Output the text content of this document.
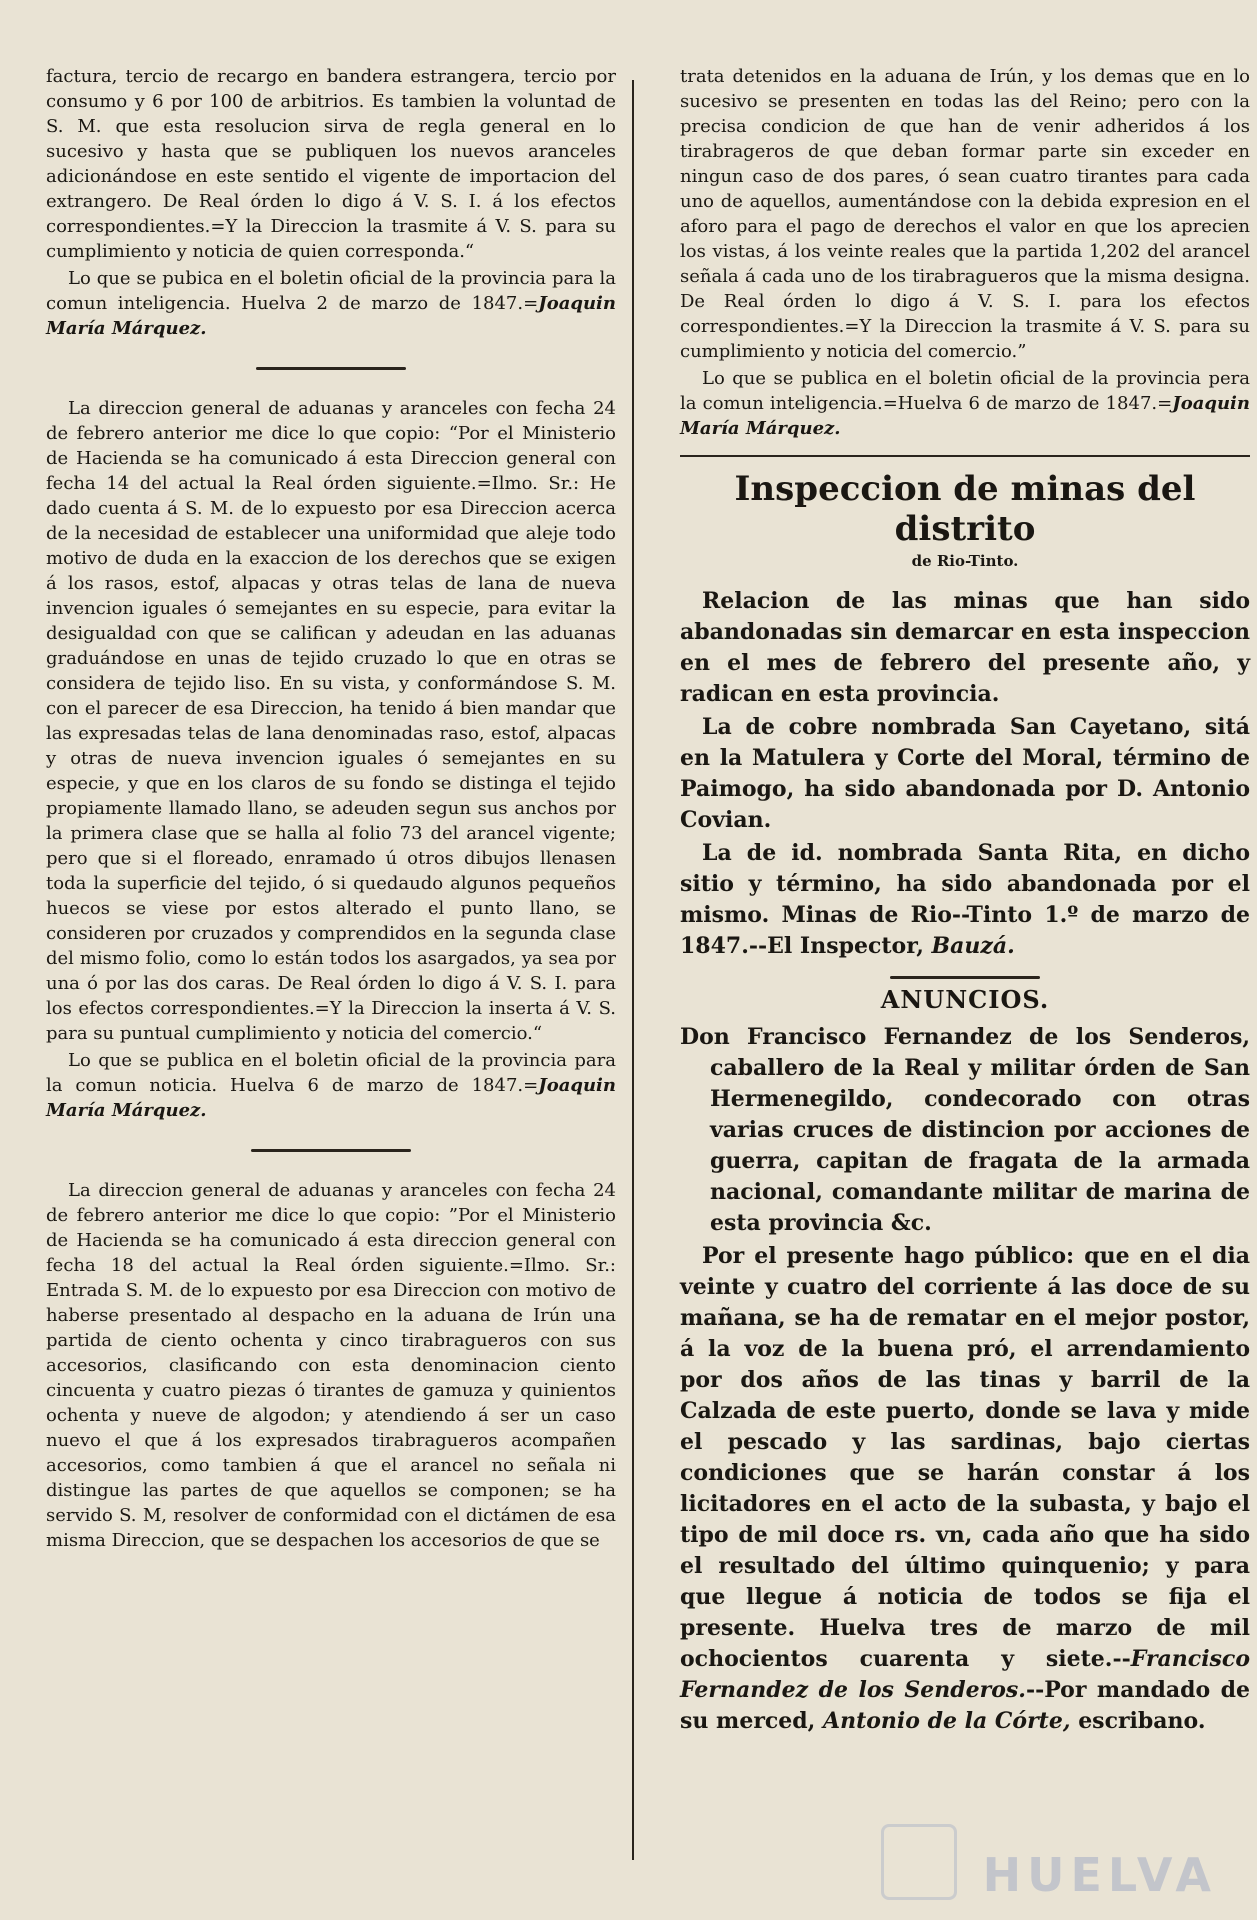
factura, tercio de recargo en bandera estrangera, tercio por consumo y 6 por 100 de arbitrios. Es tambien la voluntad de S. M. que esta resolucion sirva de regla general en lo sucesivo y hasta que se publiquen los nuevos aranceles adicionándose en este sentido el vigente de importacion del extrangero. De Real órden lo digo á V. S. I. á los efectos correspondientes.=Y la Direccion la trasmite á V. S. para su cumplimiento y noticia de quien corresponda.“

Lo que se pubica en el boletin oficial de la provincia para la comun inteligencia. Huelva 2 de marzo de 1847.=Joaquin María Márquez.

La direccion general de aduanas y aranceles con fecha 24 de febrero anterior me dice lo que copio: “Por el Ministerio de Hacienda se ha comunicado á esta Direccion general con fecha 14 del actual la Real órden siguiente.=Ilmo. Sr.: He dado cuenta á S. M. de lo expuesto por esa Direccion acerca de la necesidad de establecer una uniformidad que aleje todo motivo de duda en la exaccion de los derechos que se exigen á los rasos, estof, alpacas y otras telas de lana de nueva invencion iguales ó semejantes en su especie, para evitar la desigualdad con que se califican y adeudan en las aduanas graduándose en unas de tejido cruzado lo que en otras se considera de tejido liso. En su vista, y conformándose S. M. con el parecer de esa Direccion, ha tenido á bien mandar que las expresadas telas de lana denominadas raso, estof, alpacas y otras de nueva invencion iguales ó semejantes en su especie, y que en los claros de su fondo se distinga el tejido propiamente llamado llano, se adeuden segun sus anchos por la primera clase que se halla al folio 73 del arancel vigente; pero que si el floreado, enramado ú otros dibujos llenasen toda la superficie del tejido, ó si quedaudo algunos pequeños huecos se viese por estos alterado el punto llano, se consideren por cruzados y comprendidos en la segunda clase del mismo folio, como lo están todos los asargados, ya sea por una ó por las dos caras. De Real órden lo digo á V. S. I. para los efectos correspondientes.=Y la Direccion la inserta á V. S. para su puntual cumplimiento y noticia del comercio.“

Lo que se publica en el boletin oficial de la provincia para la comun noticia. Huelva 6 de marzo de 1847.=Joaquin María Márquez.

La direccion general de aduanas y aranceles con fecha 24 de febrero anterior me dice lo que copio: ”Por el Ministerio de Hacienda se ha comunicado á esta direccion general con fecha 18 del actual la Real órden siguiente.=Ilmo. Sr.: Entrada S. M. de lo expuesto por esa Direccion con motivo de haberse presentado al despacho en la aduana de Irún una partida de ciento ochenta y cinco tirabragueros con sus accesorios, clasificando con esta denominacion ciento cincuenta y cuatro piezas ó tirantes de gamuza y quinientos ochenta y nueve de algodon; y atendiendo á ser un caso nuevo el que á los expresados tirabragueros acompañen accesorios, como tambien á que el arancel no señala ni distingue las partes de que aquellos se componen; se ha servido S. M, resolver de conformidad con el dictámen de esa misma Direccion, que se despachen los accesorios de que se

trata detenidos en la aduana de Irún, y los demas que en lo sucesivo se presenten en todas las del Reino; pero con la precisa condicion de que han de venir adheridos á los tirabrageros de que deban formar parte sin exceder en ningun caso de dos pares, ó sean cuatro tirantes para cada uno de aquellos, aumentándose con la debida expresion en el aforo para el pago de derechos el valor en que los aprecien los vistas, á los veinte reales que la partida 1,202 del arancel señala á cada uno de los tirabragueros que la misma designa. De Real órden lo digo á V. S. I. para los efectos correspondientes.=Y la Direccion la trasmite á V. S. para su cumplimiento y noticia del comercio.”

Lo que se publica en el boletin oficial de la provincia pera la comun inteligencia.=Huelva 6 de marzo de 1847.=Joaquin María Márquez.

Inspeccion de minas del distrito
de Rio-Tinto.

Relacion de las minas que han sido abandonadas sin demarcar en esta inspeccion en el mes de febrero del presente año, y radican en esta provincia.

La de cobre nombrada San Cayetano, sitá en la Matulera y Corte del Moral, término de Paimogo, ha sido abandonada por D. Antonio Covian.

La de id. nombrada Santa Rita, en dicho sitio y término, ha sido abandonada por el mismo. Minas de Rio--Tinto 1.º de marzo de 1847.--El Inspector, Bauzá.

ANUNCIOS.

Don Francisco Fernandez de los Senderos, caballero de la Real y militar órden de San Hermenegildo, condecorado con otras varias cruces de distincion por acciones de guerra, capitan de fragata de la armada nacional, comandante militar de marina de esta provincia &c.

Por el presente hago público: que en el dia veinte y cuatro del corriente á las doce de su mañana, se ha de rematar en el mejor postor, á la voz de la buena pró, el arrendamiento por dos años de las tinas y barril de la Calzada de este puerto, donde se lava y mide el pescado y las sardinas, bajo ciertas condiciones que se harán constar á los licitadores en el acto de la subasta, y bajo el tipo de mil doce rs. vn, cada año que ha sido el resultado del último quinquenio; y para que llegue á noticia de todos se fija el presente. Huelva tres de marzo de mil ochocientos cuarenta y siete.--Francisco Fernandez de los Senderos.--Por mandado de su merced, Antonio de la Córte, escribano.

HUELVA
